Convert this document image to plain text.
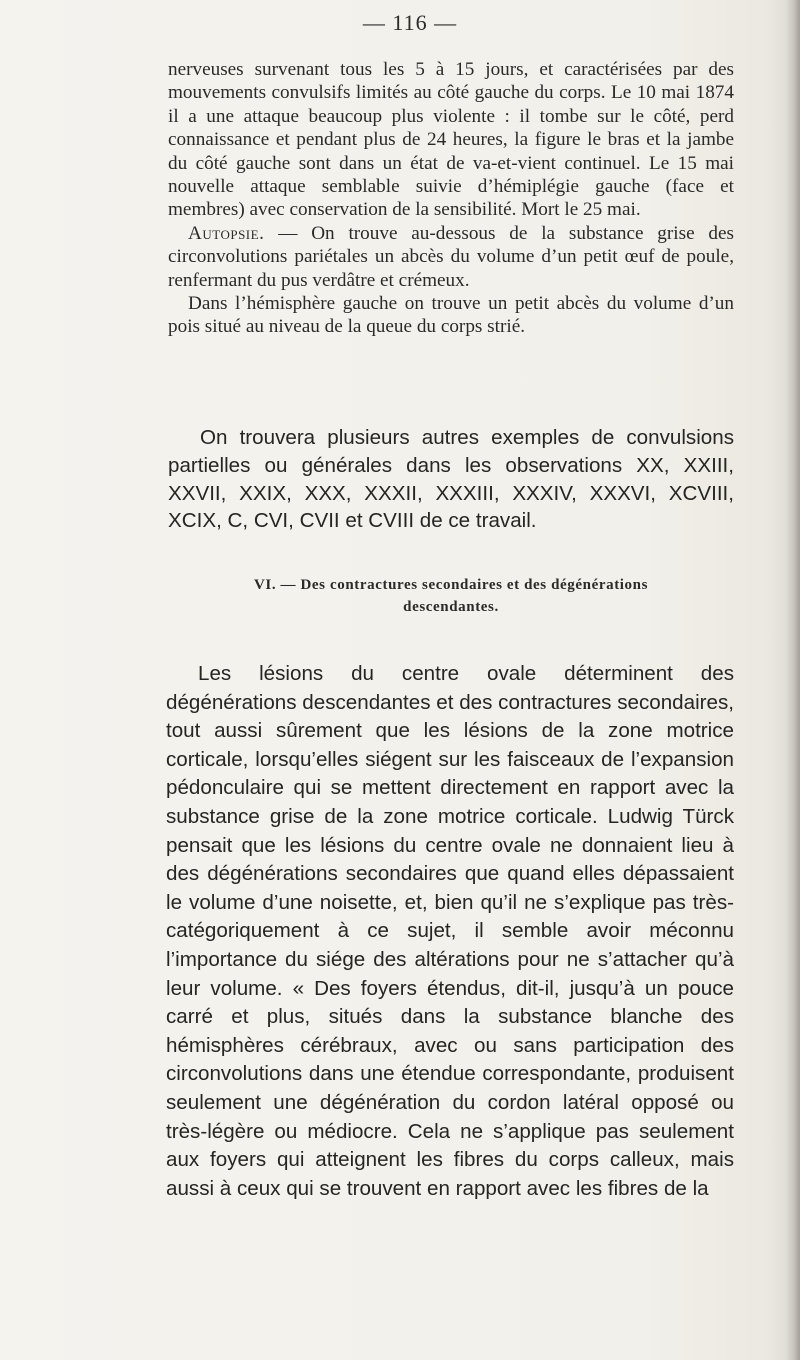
— 116 —

nerveuses survenant tous les 5 à 15 jours, et caractérisées par des mouvements convulsifs limités au côté gauche du corps. Le 10 mai 1874 il a une attaque beaucoup plus violente : il tombe sur le côté, perd connaissance et pendant plus de 24 heures, la figure le bras et la jambe du côté gauche sont dans un état de va-et-vient continuel. Le 15 mai nouvelle attaque semblable suivie d’hémiplégie gauche (face et membres) avec conservation de la sensibilité. Mort le 25 mai.

Autopsie. — On trouve au-dessous de la substance grise des circonvolutions pariétales un abcès du volume d’un petit œuf de poule, renfermant du pus verdâtre et crémeux.

Dans l’hémisphère gauche on trouve un petit abcès du volume d’un pois situé au niveau de la queue du corps strié.

On trouvera plusieurs autres exemples de convulsions partielles ou générales dans les observations XX, XXIII, XXVII, XXIX, XXX, XXXII, XXXIII, XXXIV, XXXVI, XCVIII, XCIX, C, CVI, CVII et CVIII de ce travail.

VI. — Des contractures secondaires et des dégénérations
descendantes.

Les lésions du centre ovale déterminent des dégénérations descendantes et des contractures secondaires, tout aussi sûrement que les lésions de la zone motrice corticale, lorsqu’elles siégent sur les faisceaux de l’expansion pédonculaire qui se mettent directement en rapport avec la substance grise de la zone motrice corticale. Ludwig Türck pensait que les lésions du centre ovale ne donnaient lieu à des dégénérations secondaires que quand elles dépassaient le volume d’une noisette, et, bien qu’il ne s’explique pas très-catégoriquement à ce sujet, il semble avoir méconnu l’importance du siége des altérations pour ne s’attacher qu’à leur volume. « Des foyers étendus, dit-il, jusqu’à un pouce carré et plus, situés dans la substance blanche des hémisphères cérébraux, avec ou sans participation des circonvolutions dans une étendue correspondante, produisent seulement une dégénération du cordon latéral opposé ou très-légère ou médiocre. Cela ne s’applique pas seulement aux foyers qui atteignent les fibres du corps calleux, mais aussi à ceux qui se trouvent en rapport avec les fibres de la
